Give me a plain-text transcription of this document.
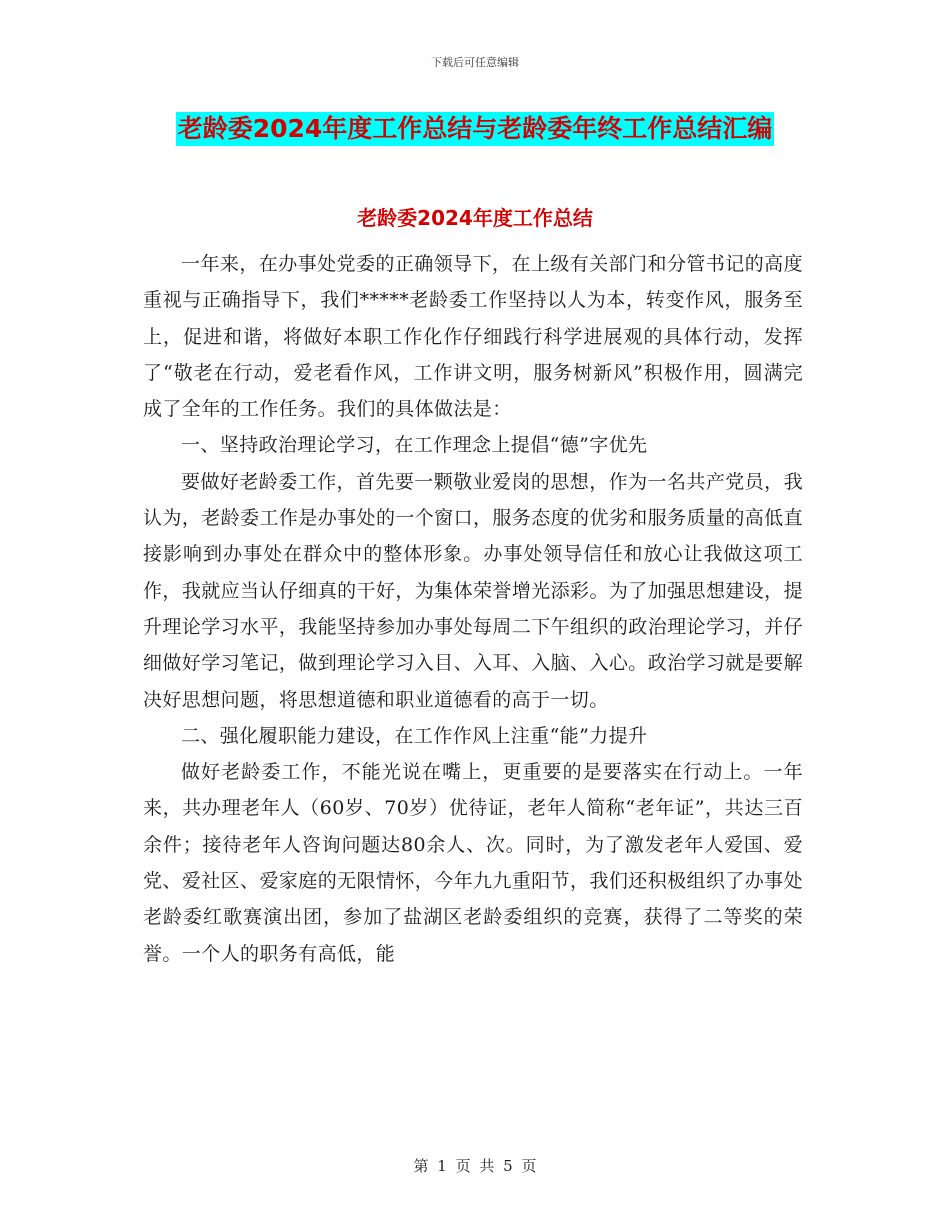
下载后可任意编辑
老龄委2024年度工作总结与老龄委年终工作总结汇编
老龄委2024年度工作总结

一年来，在办事处党委的正确领导下，在上级有关部门和分管书记的高度重视与正确指导下，我们*****老龄委工作坚持以人为本，转变作风，服务至上，促进和谐，将做好本职工作化作仔细践行科学进展观的具体行动，发挥了“敬老在行动，爱老看作风，工作讲文明，服务树新风”积极作用，圆满完成了全年的工作任务。我们的具体做法是：

一、坚持政治理论学习，在工作理念上提倡“德”字优先

要做好老龄委工作，首先要一颗敬业爱岗的思想，作为一名共产党员，我认为，老龄委工作是办事处的一个窗口，服务态度的优劣和服务质量的高低直接影响到办事处在群众中的整体形象。办事处领导信任和放心让我做这项工作，我就应当认仔细真的干好，为集体荣誉增光添彩。为了加强思想建设，提升理论学习水平，我能坚持参加办事处每周二下午组织的政治理论学习，并仔细做好学习笔记，做到理论学习入目、入耳、入脑、入心。政治学习就是要解决好思想问题，将思想道德和职业道德看的高于一切。

二、强化履职能力建设，在工作作风上注重“能”力提升

做好老龄委工作，不能光说在嘴上，更重要的是要落实在行动上。一年来，共办理老年人（60岁、70岁）优待证，老年人简称“老年证”，共达三百余件；接待老年人咨询问题达80余人、次。同时，为了激发老年人爱国、爱党、爱社区、爱家庭的无限情怀，今年九九重阳节，我们还积极组织了办事处老龄委红歌赛演出团，参加了盐湖区老龄委组织的竞赛，获得了二等奖的荣誉。一个人的职务有高低，能

第 1 页 共 5 页
